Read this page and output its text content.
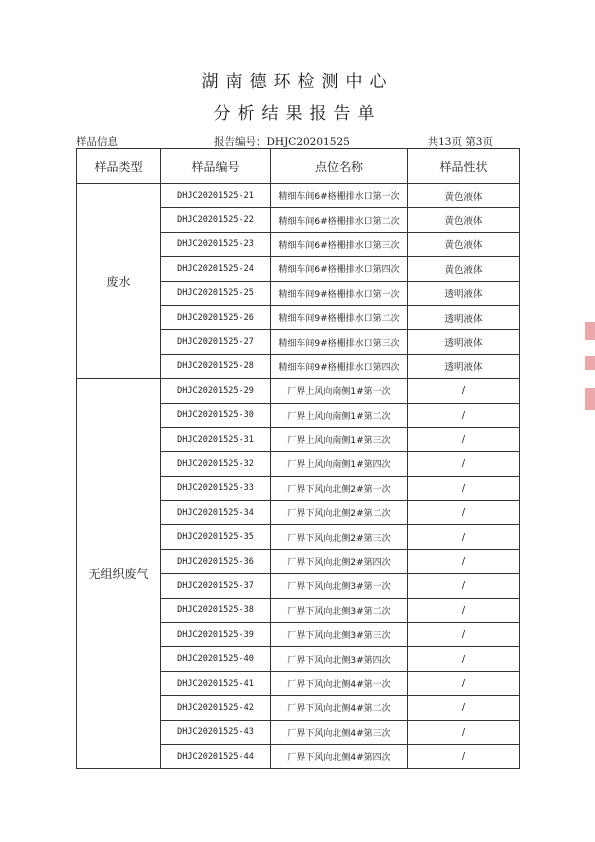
湖南德环检测中心
分析结果报告单
样品信息	报告编号：DHJC20201525	共13页 第3页
样品类型	样品编号	点位名称	样品性状
废水	DHJC20201525-21	精细车间6#格栅排水口第一次	黄色液体
	DHJC20201525-22	精细车间6#格栅排水口第二次	黄色液体
	DHJC20201525-23	精细车间6#格栅排水口第三次	黄色液体
	DHJC20201525-24	精细车间6#格栅排水口第四次	黄色液体
	DHJC20201525-25	精细车间9#格栅排水口第一次	透明液体
	DHJC20201525-26	精细车间9#格栅排水口第二次	透明液体
	DHJC20201525-27	精细车间9#格栅排水口第三次	透明液体
	DHJC20201525-28	精细车间9#格栅排水口第四次	透明液体
无组织废气	DHJC20201525-29	厂界上风向南侧1#第一次	/
	DHJC20201525-30	厂界上风向南侧1#第二次	/
	DHJC20201525-31	厂界上风向南侧1#第三次	/
	DHJC20201525-32	厂界上风向南侧1#第四次	/
	DHJC20201525-33	厂界下风向北侧2#第一次	/
	DHJC20201525-34	厂界下风向北侧2#第二次	/
	DHJC20201525-35	厂界下风向北侧2#第三次	/
	DHJC20201525-36	厂界下风向北侧2#第四次	/
	DHJC20201525-37	厂界下风向北侧3#第一次	/
	DHJC20201525-38	厂界下风向北侧3#第二次	/
	DHJC20201525-39	厂界下风向北侧3#第三次	/
	DHJC20201525-40	厂界下风向北侧3#第四次	/
	DHJC20201525-41	厂界下风向北侧4#第一次	/
	DHJC20201525-42	厂界下风向北侧4#第二次	/
	DHJC20201525-43	厂界下风向北侧4#第三次	/
	DHJC20201525-44	厂界下风向北侧4#第四次	/
